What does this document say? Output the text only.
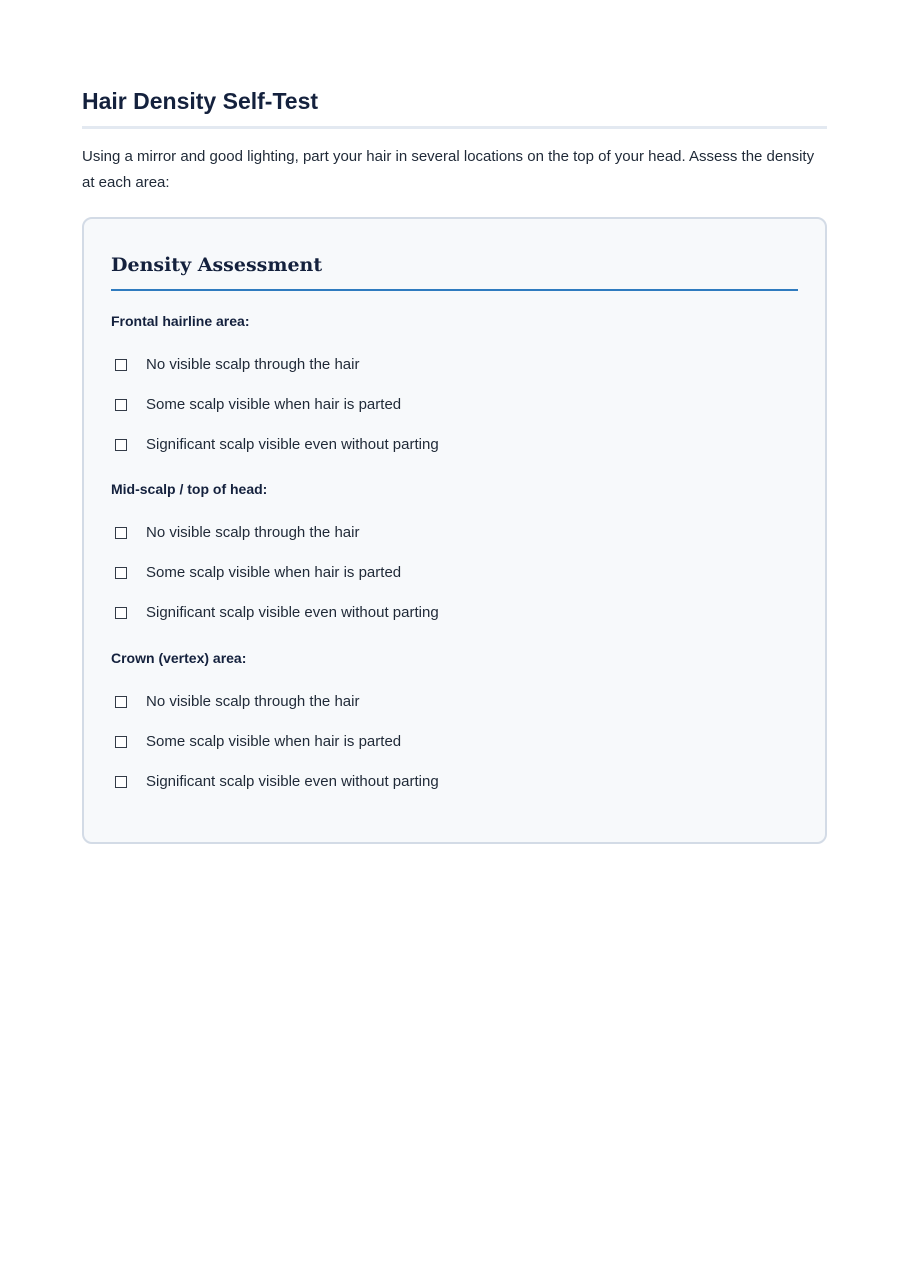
Hair Density Self-Test

Using a mirror and good lighting, part your hair in several locations on the top of your head. Assess the density at each area:

Density Assessment

Frontal hairline area:

No visible scalp through the hair
Some scalp visible when hair is parted
Significant scalp visible even without parting

Mid-scalp / top of head:

No visible scalp through the hair
Some scalp visible when hair is parted
Significant scalp visible even without parting

Crown (vertex) area:

No visible scalp through the hair
Some scalp visible when hair is parted
Significant scalp visible even without parting
